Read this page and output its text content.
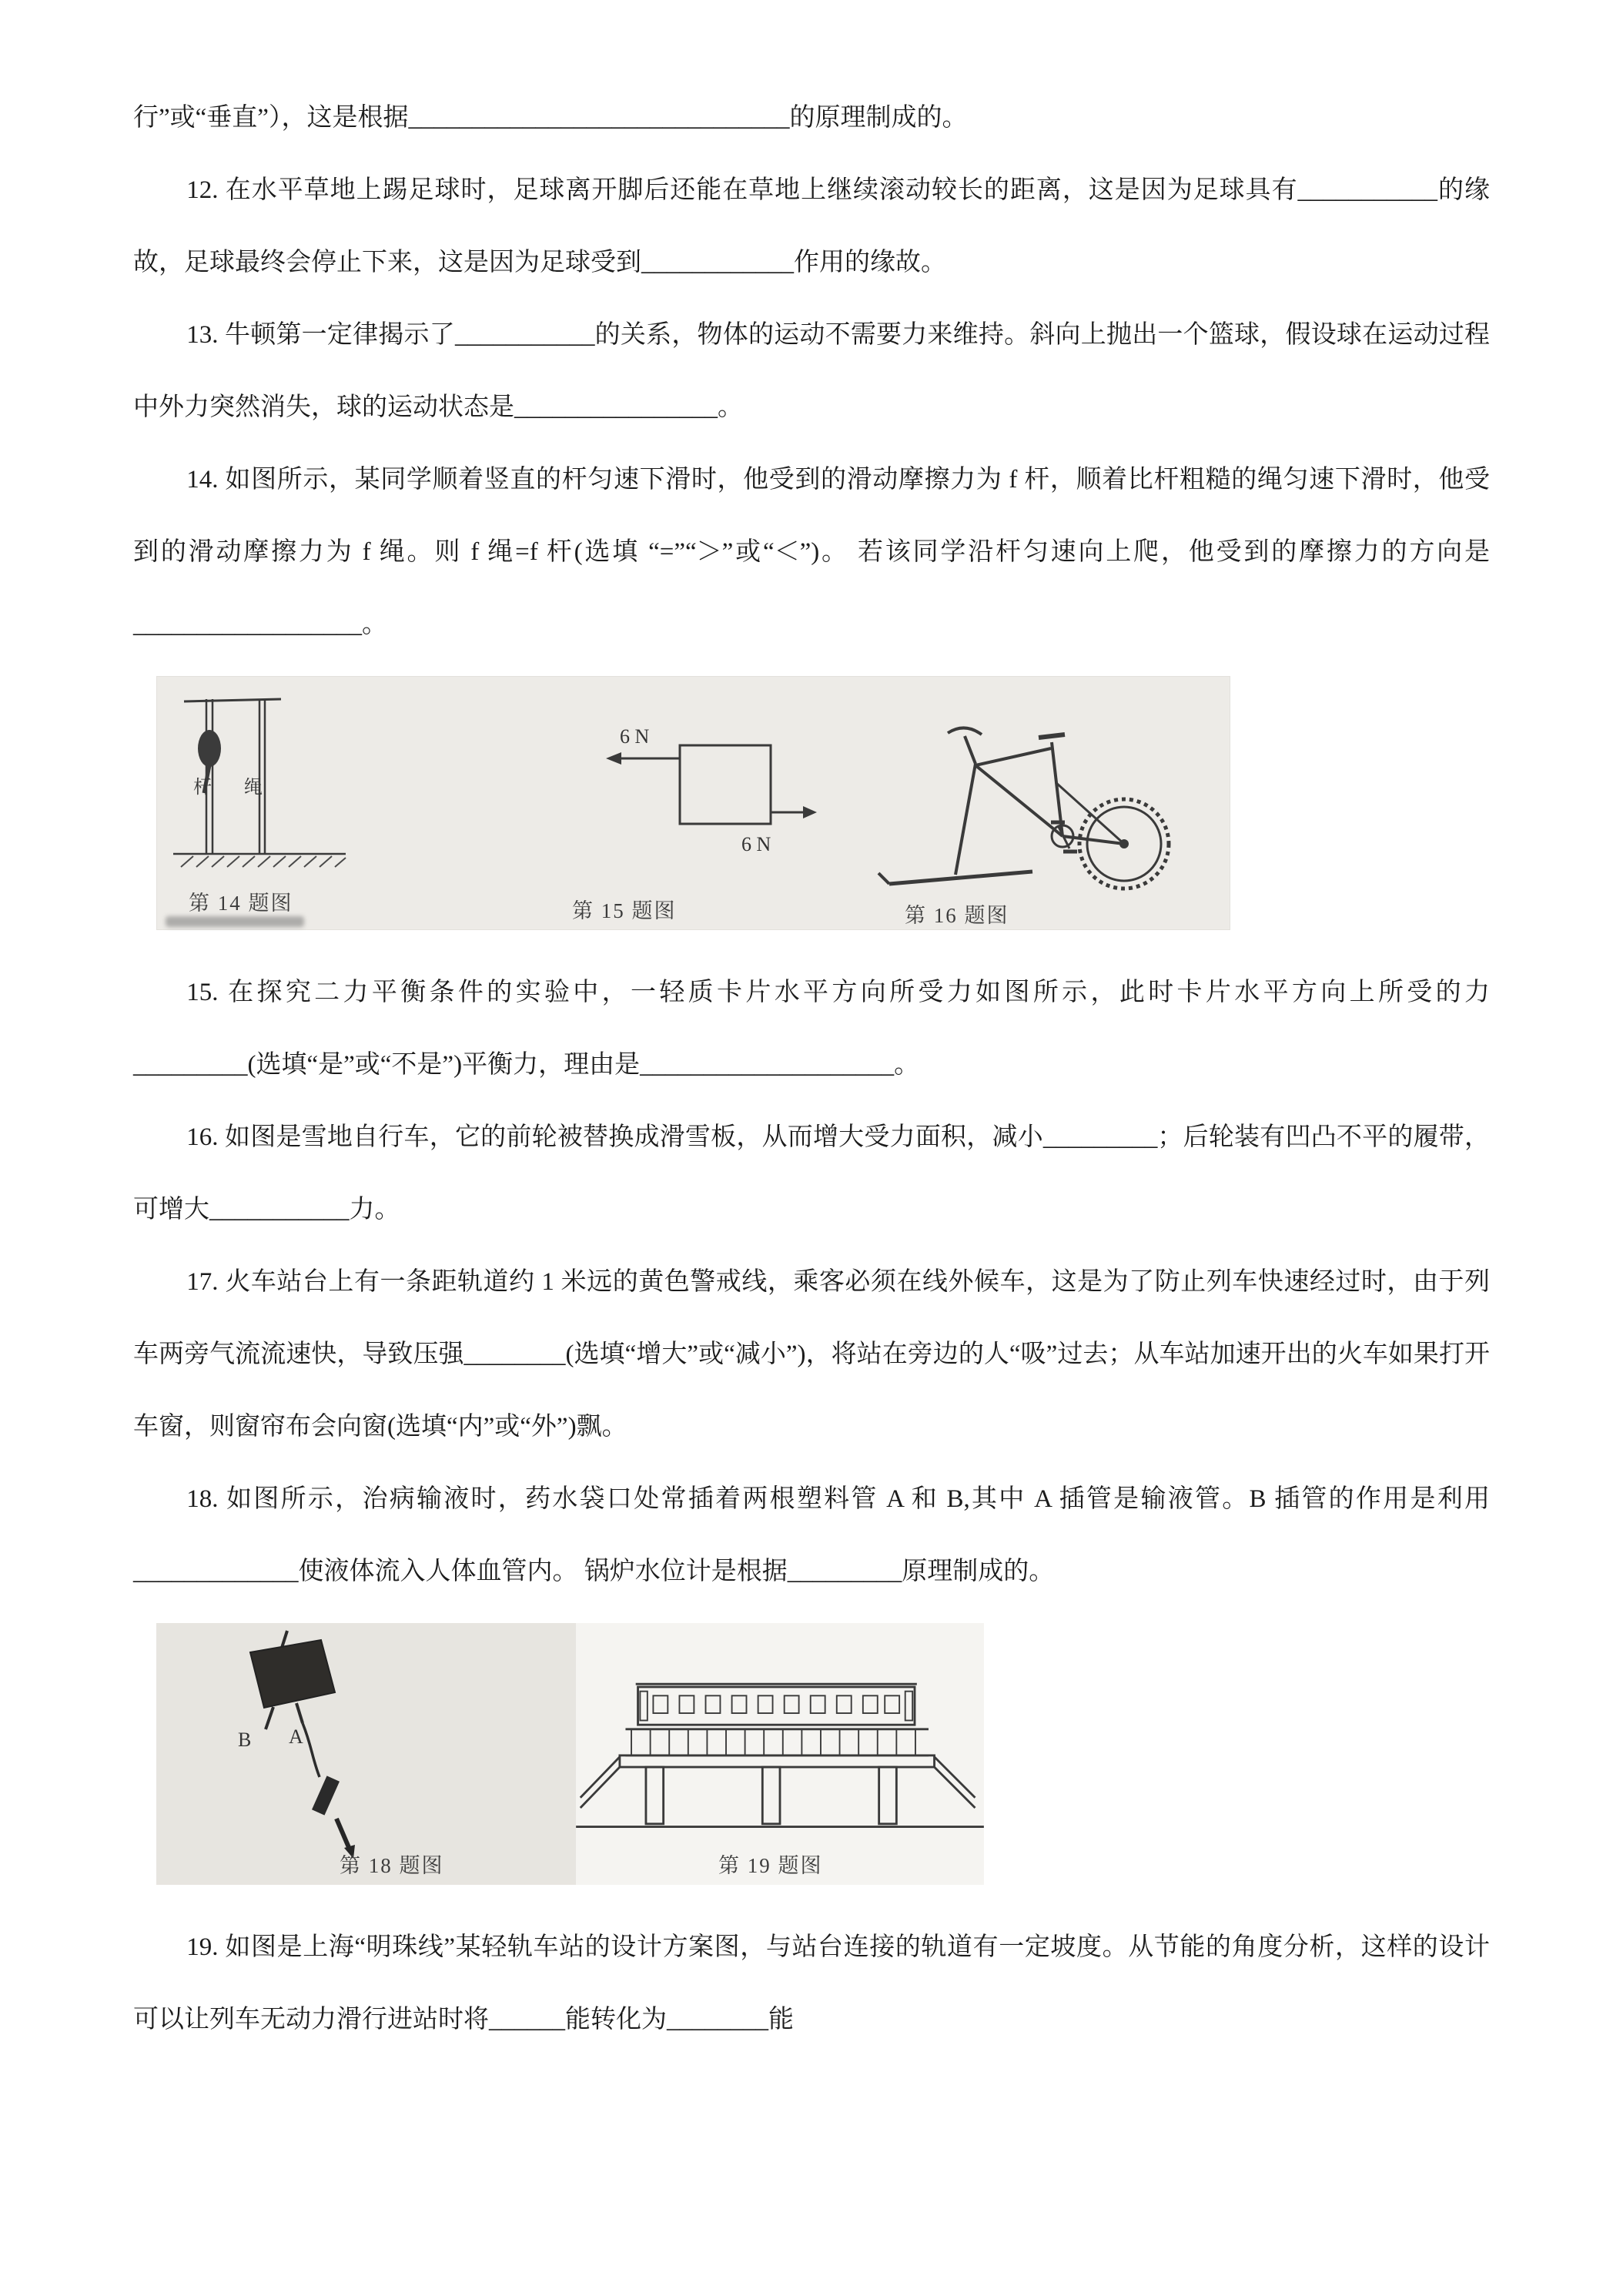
行”或“垂直”），这是根据______________________________的原理制成的。

12. 在水平草地上踢足球时，足球离开脚后还能在草地上继续滚动较长的距离，这是因为足球具有___________的缘故，足球最终会停止下来，这是因为足球受到____________作用的缘故。

13. 牛顿第一定律揭示了___________的关系，物体的运动不需要力来维持。斜向上抛出一个篮球，假设球在运动过程中外力突然消失，球的运动状态是________________。

14. 如图所示，某同学顺着竖直的杆匀速下滑时，他受到的滑动摩擦力为 f 杆，顺着比杆粗糙的绳匀速下滑时，他受到的滑动摩擦力为 f 绳。则 f 绳=f 杆(选填 “=”“＞”或“＜”)。 若该同学沿杆匀速向上爬，他受到的摩擦力的方向是__________________。

杆 绳
6 N
6 N
第 14 题图	第 15 题图	第 16 题图

15. 在探究二力平衡条件的实验中，一轻质卡片水平方向所受力如图所示，此时卡片水平方向上所受的力_________(选填“是”或“不是”)平衡力，理由是____________________。

16. 如图是雪地自行车，它的前轮被替换成滑雪板，从而增大受力面积，减小_________；后轮装有凹凸不平的履带，可增大___________力。

17. 火车站台上有一条距轨道约 1 米远的黄色警戒线，乘客必须在线外候车，这是为了防止列车快速经过时，由于列车两旁气流流速快，导致压强________(选填“增大”或“减小”)，将站在旁边的人“吸”过去；从车站加速开出的火车如果打开车窗，则窗帘布会向窗(选填“内”或“外”)飘。

18. 如图所示，治病输液时，药水袋口处常插着两根塑料管 A 和 B,其中 A 插管是输液管。B 插管的作用是利用_____________使液体流入人体血管内。 锅炉水位计是根据_________原理制成的。

B A
第 18 题图	第 19 题图

19. 如图是上海“明珠线”某轻轨车站的设计方案图，与站台连接的轨道有一定坡度。从节能的角度分析，这样的设计可以让列车无动力滑行进站时将______能转化为________能
